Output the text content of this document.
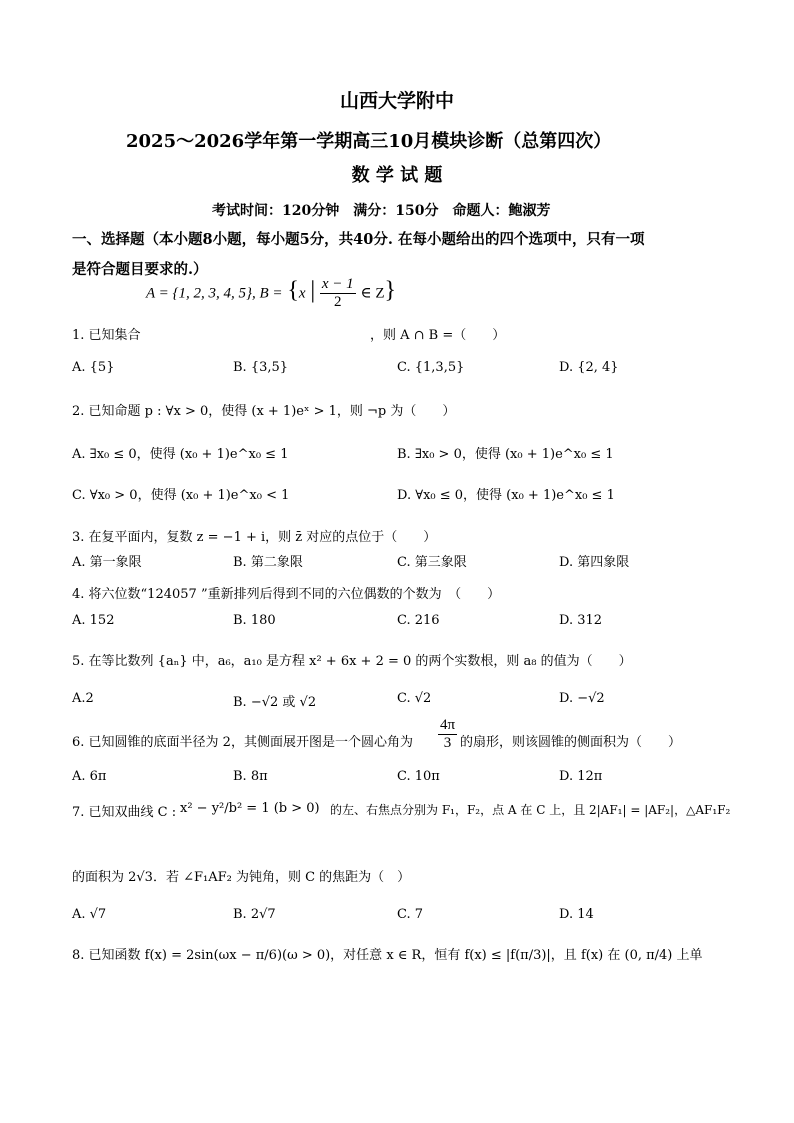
山西大学附中
2025～2026学年第一学期高三10月模块诊断（总第四次）
数 学 试 题
考试时间：120分钟　满分：150分　命题人：鲍淑芳
一、选择题（本小题8小题，每小题5分，共40分. 在每小题给出的四个选项中，只有一项
是符合题目要求的.）
A = {1, 2, 3, 4, 5}, B = {x | $\frac{x - 1}{2}$ ∈ Z}
1. 已知集合	，则 A ∩ B =（　　）
A. {5}	B. {3,5}	C. {1,3,5}	D. {2, 4}
2. 已知命题 p : ∀x > 0，使得 (x + 1)eˣ > 1，则 ¬p 为（　　）
A. ∃x₀ ≤ 0，使得 (x₀ + 1)e^x₀ ≤ 1	B. ∃x₀ > 0，使得 (x₀ + 1)e^x₀ ≤ 1
C. ∀x₀ > 0，使得 (x₀ + 1)e^x₀ < 1	D. ∀x₀ ≤ 0，使得 (x₀ + 1)e^x₀ ≤ 1
3. 在复平面内，复数 z = −1 + i，则 z̄ 对应的点位于（　　）
A. 第一象限	B. 第二象限	C. 第三象限	D. 第四象限
4. 将六位数“124057 ”重新排列后得到不同的六位偶数的个数为　（　　）
A. 152	B. 180	C. 216	D. 312
5. 在等比数列 {aₙ} 中，a₆，a₁₀ 是方程 x² + 6x + 2 = 0 的两个实数根，则 a₈ 的值为（　　）
A.2	B. −√2 或 √2	C. √2	D. −√2
6. 已知圆锥的底面半径为 2，其侧面展开图是一个圆心角为 $\frac{4\pi}{3}$ 的扇形，则该圆锥的侧面积为（　　）
A. 6π	B. 8π	C. 10π	D. 12π
7. 已知双曲线 C : x² − y²/b² = 1 (b > 0) 的左、右焦点分别为 F₁，F₂，点 A 在 C 上，且 2|AF₁| = |AF₂|，△AF₁F₂
的面积为 2√3．若 ∠F₁AF₂ 为钝角，则 C 的焦距为（　）
A. √7	B. 2√7	C. 7	D. 14
8. 已知函数 f(x) = 2sin(ωx − π/6)(ω > 0)，对任意 x ∈ R，恒有 f(x) ≤ |f(π/3)|，且 f(x) 在 (0, π/4) 上单
